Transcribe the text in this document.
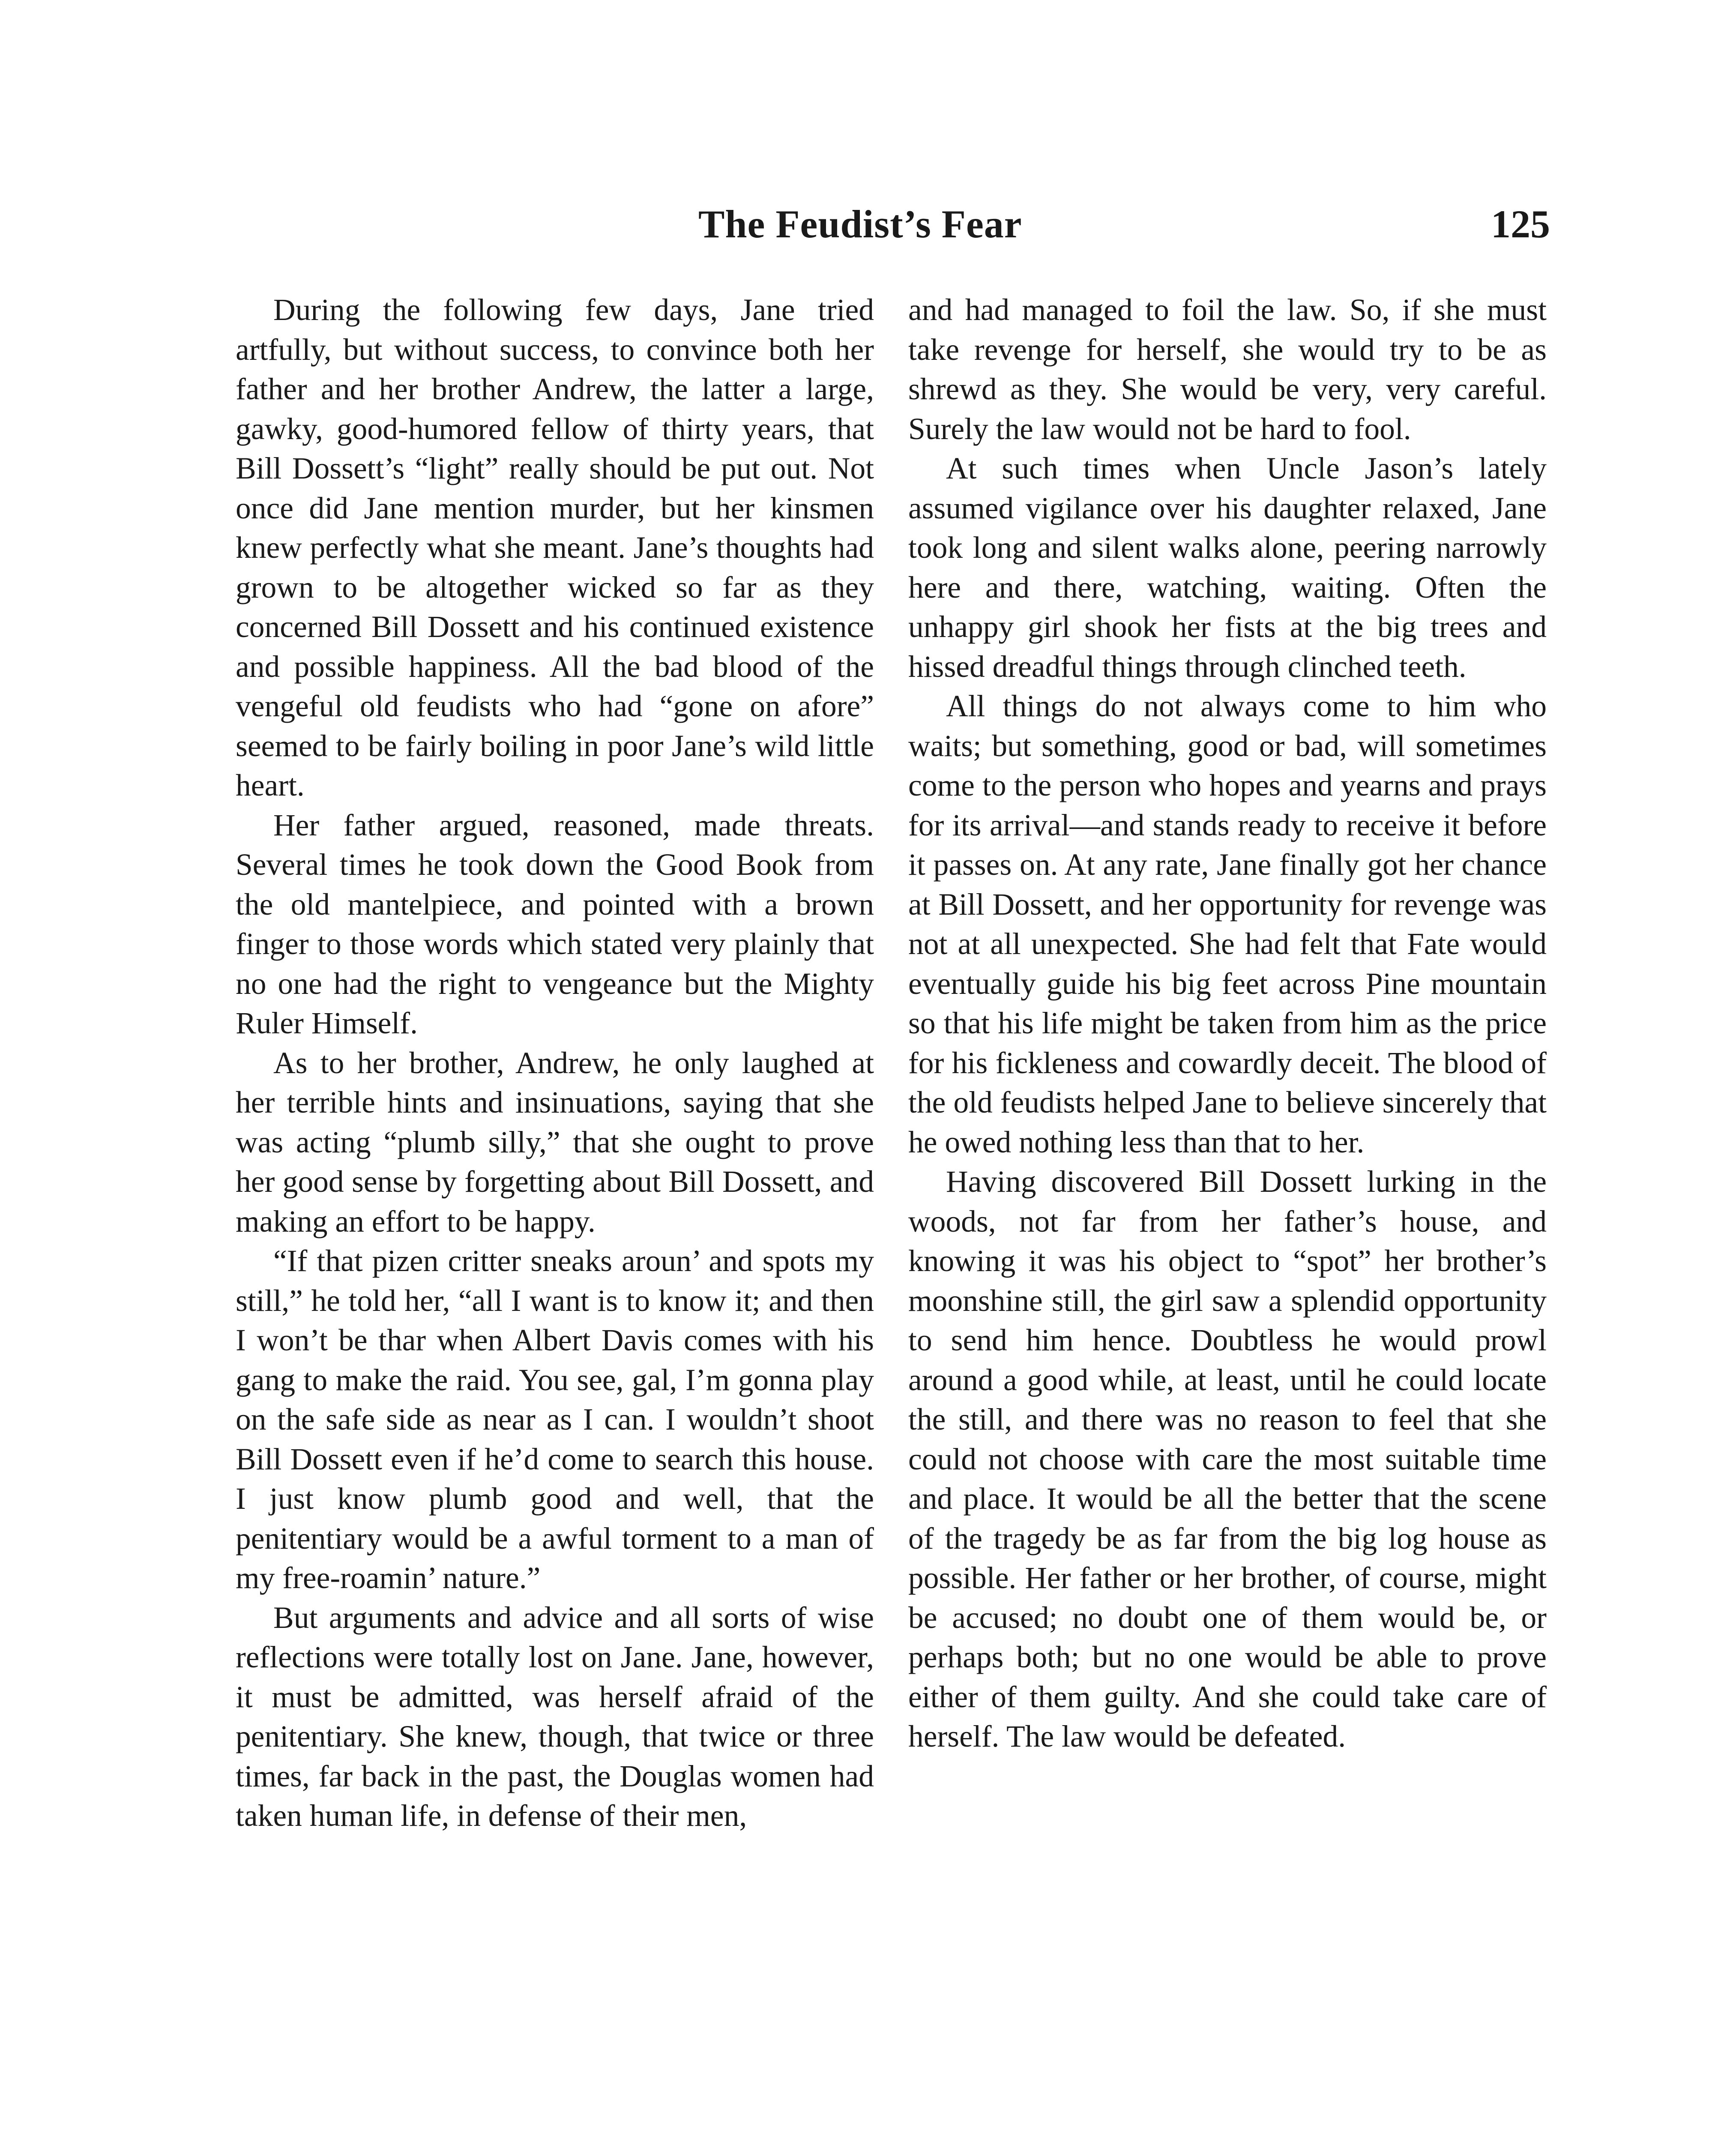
The Feudist’s Fear	125

During the following few days, Jane tried artfully, but without success, to convince both her father and her brother Andrew, the latter a large, gawky, good-humored fellow of thirty years, that Bill Dossett’s “light” really should be put out. Not once did Jane mention murder, but her kinsmen knew perfectly what she meant. Jane’s thoughts had grown to be altogether wicked so far as they concerned Bill Dossett and his continued existence and possible happiness. All the bad blood of the vengeful old feudists who had “gone on afore” seemed to be fairly boiling in poor Jane’s wild little heart.

Her father argued, reasoned, made threats. Several times he took down the Good Book from the old mantelpiece, and pointed with a brown finger to those words which stated very plainly that no one had the right to vengeance but the Mighty Ruler Himself.

As to her brother, Andrew, he only laughed at her terrible hints and insinuations, saying that she was acting “plumb silly,” that she ought to prove her good sense by forgetting about Bill Dossett, and making an effort to be happy.

“If that pizen critter sneaks aroun’ and spots my still,” he told her, “all I want is to know it; and then I won’t be thar when Albert Davis comes with his gang to make the raid. You see, gal, I’m gonna play on the safe side as near as I can. I wouldn’t shoot Bill Dossett even if he’d come to search this house. I just know plumb good and well, that the penitentiary would be a awful torment to a man of my free-roamin’ nature.”

But arguments and advice and all sorts of wise reflections were totally lost on Jane. Jane, however, it must be admitted, was herself afraid of the penitentiary. She knew, though, that twice or three times, far back in the past, the Douglas women had taken human life, in defense of their men,

and had managed to foil the law. So, if she must take revenge for herself, she would try to be as shrewd as they. She would be very, very careful. Surely the law would not be hard to fool.

At such times when Uncle Jason’s lately assumed vigilance over his daughter relaxed, Jane took long and silent walks alone, peering narrowly here and there, watching, waiting. Often the unhappy girl shook her fists at the big trees and hissed dreadful things through clinched teeth.

All things do not always come to him who waits; but something, good or bad, will sometimes come to the person who hopes and yearns and prays for its arrival—and stands ready to receive it before it passes on. At any rate, Jane finally got her chance at Bill Dossett, and her opportunity for revenge was not at all unexpected. She had felt that Fate would eventually guide his big feet across Pine mountain so that his life might be taken from him as the price for his fickleness and cowardly deceit. The blood of the old feudists helped Jane to believe sincerely that he owed nothing less than that to her.

Having discovered Bill Dossett lurking in the woods, not far from her father’s house, and knowing it was his object to “spot” her brother’s moonshine still, the girl saw a splendid opportunity to send him hence. Doubtless he would prowl around a good while, at least, until he could locate the still, and there was no reason to feel that she could not choose with care the most suitable time and place. It would be all the better that the scene of the tragedy be as far from the big log house as possible. Her father or her brother, of course, might be accused; no doubt one of them would be, or perhaps both; but no one would be able to prove either of them guilty. And she could take care of herself. The law would be defeated.
